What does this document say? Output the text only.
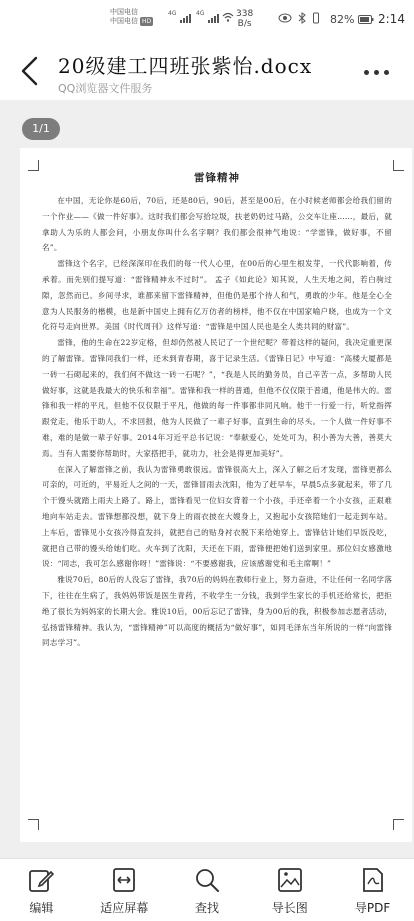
中国电信
中国电信 HD
4G	4G	338
B/s	82%	2:14
20级建工四班张紫怡.docx
QQ浏览器文件服务
1/1

雷锋精神

在中国，无论你是60后，70后，还是80后，90后，甚至是00后，在小时候老师都会给我们留的一个作业——《做一件好事》。这时我们都会写拾垃圾，扶老奶奶过马路，公交车让座……，最后，就拿助人为乐的人都会问，小朋友你叫什么名字啊？我们都会很神气地说：“学雷锋，做好事，不留名”。

雷锋这个名字，已经深深印在我们的每一代人心里，在00后的心里生根发芽，一代代影响着，传承着。而先别们提写道：“雷锋精神永不过时”。 孟子《如此论》知其说，人生天地之间，若白驹过隙，忽然而已。乡间寻求，谁都来留下雷锋精神，但他仍是那个待人和气，勇敢的少年。他是全心全意为人民服务的楷模，也是新中国史上拥有亿万仿者的榜样，他不仅在中国家喻户晓，也成为一个文化符号走向世界。美国《时代周刊》这样写道：“雷锋是中国人民也是全人类共同的财富”。

雷锋，他的生命在22岁定格，但却仍然被人民记了一个世纪呢？带着这样的疑问，我决定重更深的了解雷锋。雷锋同我们一样，还未到青春期，喜于记录生活。《雷锋日记》中写道：“高楼大厦都是一砖一石砌起来的，我们何不做这一砖一石呢？”，“我是人民的勤务员，自己辛苦一点，多帮助人民做好事，这就是我最大的快乐和幸福”。雷锋和我一样的普通，但他不仅仅限于普通，他是伟大的。雷锋和我一样的平凡，但他不仅仅限于平凡，他做的每一件事都非同凡响。他干一行爱一行，听党指挥跟党走，他乐于助人，不求回报，他为人民做了一辈子好事，直到生命的尽头。一个人做一件好事不难，难的是做一辈子好事。2014年习近平总书记说：“奉献爱心，处处可为，积小善为大善，善莫大焉。当有人需要你帮助时，大家搭把手，就功力，社会是得更加美好”。

在深入了解雷锋之前，我认为雷锋勇敢很远。雷锋很高大上，深入了解之后才发现，雷锋更都么可亲的，可近的，平易近人之间的一天，雷锋冒雨去沈阳，他为了赶早车，早晨5点多就起来，带了几个干馒头就踏上雨夫上路了。路上，雷锋看见一位妇女背着一个小孩，手还牵着一个小女孩，正艰难地向车站走去。雷锋想都没想，就下身上的雨衣披在大嫂身上，又抱起小女孩陪她们一起走到车站。上车后，雷锋见小女孩冷得直发抖，就把自己的贴身衬衣脱下来给她穿上。雷锋估计她们早饭没吃，就把自己带的馒头给她们吃。火车到了沈阳，天还在下雨，雷锋便把她们送到家里。那位妇女感激地说：“同志，我可怎么感谢你呀！”雷锋说：“不要感谢我，应该感谢党和毛主席啊！”

雅说70后，80后的人没忘了雷锋，我70后的妈妈在教师行业上，努力奋进，不让任何一名同学落下，往往在生病了，我妈妈带饭是医生青药，不收学生一分钱，我到学生家长的手机还给常长，把拒绝了很长为妈妈家的长期大会。雅说10后，00后忘记了雷锋，身为00后的我，积极参加志愿者活动，弘扬雷锋精神。我认为，“雷锋精神”可以高度的概括为“做好事”，如同毛泽东当年所说的一样“向雷锋同志学习”。

编辑	适应屏幕	查找	导长图	导PDF
